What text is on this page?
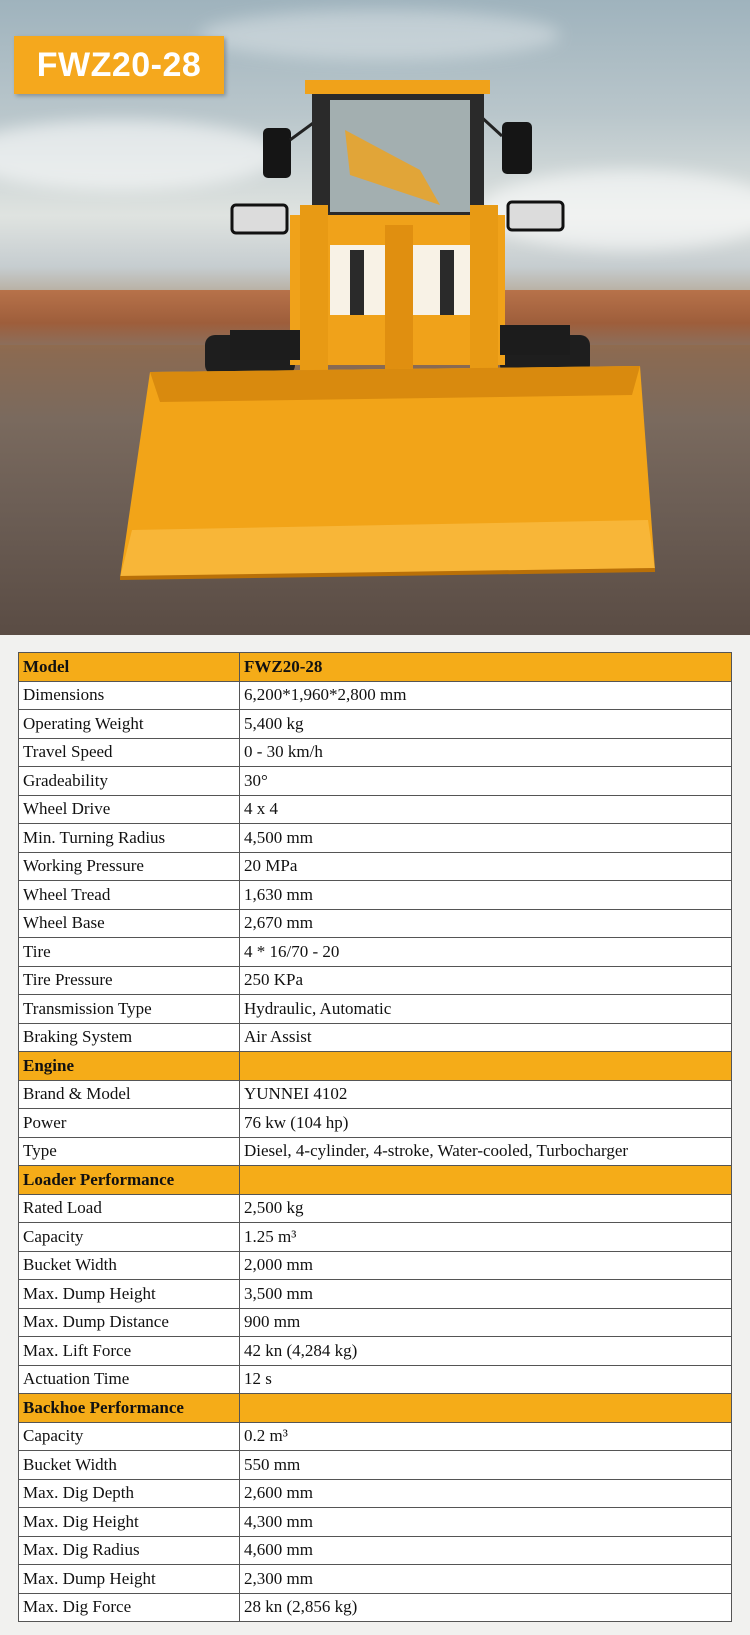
FWZ20-28
Model	FWZ20-28
Dimensions	6,200*1,960*2,800 mm
Operating Weight	5,400 kg
Travel Speed	0 - 30 km/h
Gradeability	30°
Wheel Drive	4 x 4
Min. Turning Radius	4,500 mm
Working Pressure	20 MPa
Wheel Tread	1,630 mm
Wheel Base	2,670 mm
Tire	4 * 16/70 - 20
Tire Pressure	250 KPa
Transmission Type	Hydraulic, Automatic
Braking System	Air Assist
Engine	
Brand & Model	YUNNEI 4102
Power	76 kw (104 hp)
Type	Diesel, 4-cylinder, 4-stroke, Water-cooled, Turbocharger
Loader Performance	
Rated Load	2,500 kg
Capacity	1.25 m³
Bucket Width	2,000 mm
Max. Dump Height	3,500 mm
Max. Dump Distance	900 mm
Max. Lift Force	42 kn (4,284 kg)
Actuation Time	12 s
Backhoe Performance	
Capacity	0.2 m³
Bucket Width	550 mm
Max. Dig Depth	2,600 mm
Max. Dig Height	4,300 mm
Max. Dig Radius	4,600 mm
Max. Dump Height	2,300 mm
Max. Dig Force	28 kn (2,856 kg)
